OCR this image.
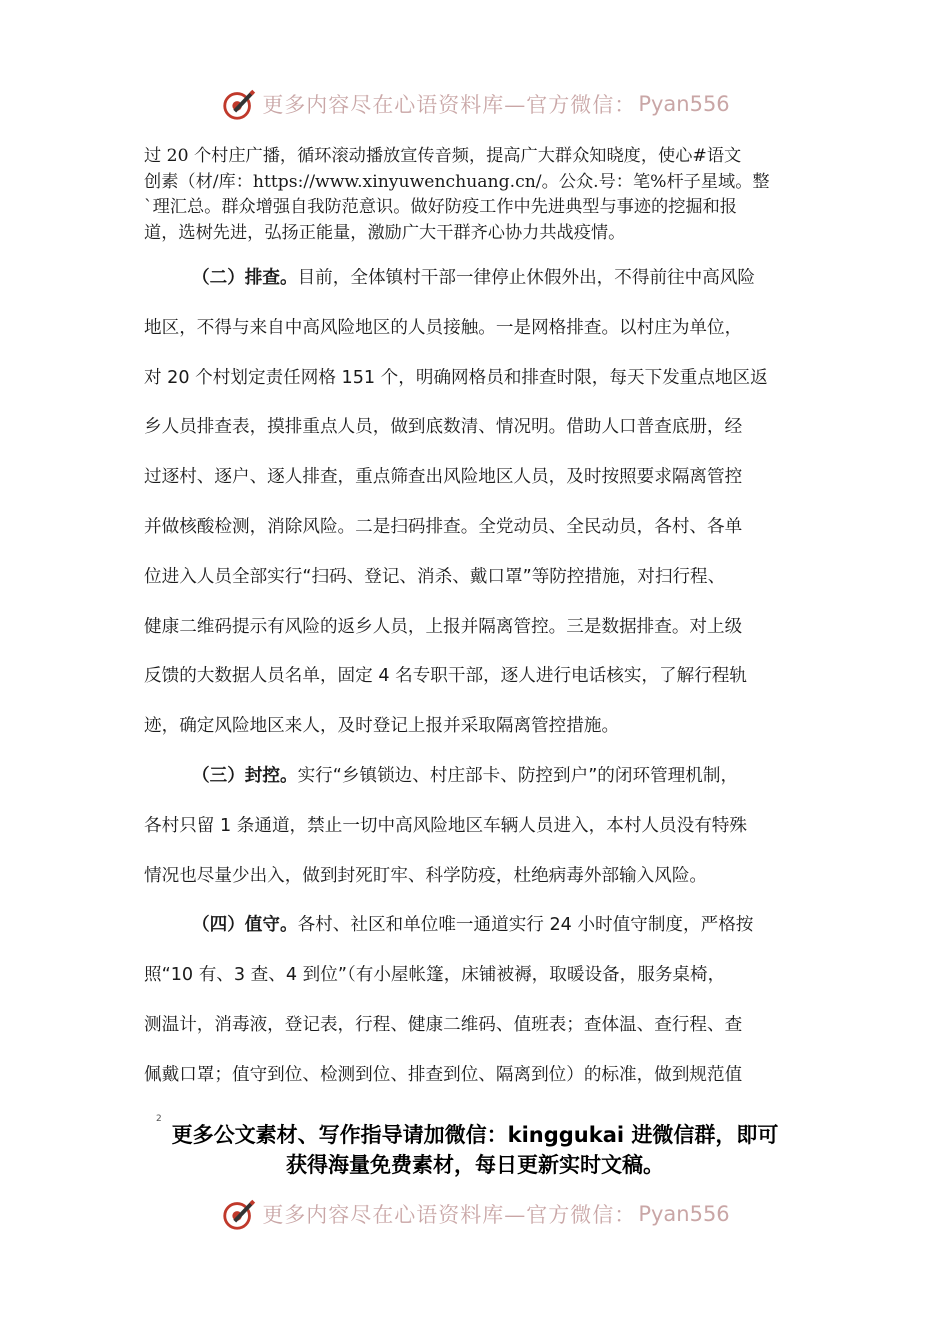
更多内容尽在心语资料库—官方微信： Pyan556
过 20 个村庄广播，循环滚动播放宣传音频，提高广大群众知晓度，使心#语文
创素（材/库：https://www.xinyuwenchuang.cn/。公众.号：笔%杆子星域。整
`理汇总。群众增强自我防范意识。做好防疫工作中先进典型与事迹的挖掘和报
道，选树先进，弘扬正能量，激励广大干群齐心协力共战疫情。
（二）排查。目前，全体镇村干部一律停止休假外出，不得前往中高风险
地区，不得与来自中高风险地区的人员接触。一是网格排查。以村庄为单位，
对 20 个村划定责任网格 151 个，明确网格员和排查时限，每天下发重点地区返
乡人员排查表，摸排重点人员，做到底数清、情况明。借助人口普查底册，经
过逐村、逐户、逐人排查，重点筛查出风险地区人员，及时按照要求隔离管控
并做核酸检测，消除风险。二是扫码排查。全党动员、全民动员，各村、各单
位进入人员全部实行“扫码、登记、消杀、戴口罩”等防控措施，对扫行程、
健康二维码提示有风险的返乡人员，上报并隔离管控。三是数据排查。对上级
反馈的大数据人员名单，固定 4 名专职干部，逐人进行电话核实，了解行程轨
迹，确定风险地区来人，及时登记上报并采取隔离管控措施。
（三）封控。实行“乡镇锁边、村庄部卡、防控到户”的闭环管理机制，
各村只留 1 条通道，禁止一切中高风险地区车辆人员进入，本村人员没有特殊
情况也尽量少出入，做到封死盯牢、科学防疫，杜绝病毒外部输入风险。
（四）值守。各村、社区和单位唯一通道实行 24 小时值守制度，严格按
照“10 有、3 查、4 到位”（有小屋帐篷，床铺被褥，取暖设备，服务桌椅，
测温计，消毒液，登记表，行程、健康二维码、值班表；查体温、查行程、查
佩戴口罩；值守到位、检测到位、排查到位、隔离到位）的标准，做到规范值
2
更多公文素材、写作指导请加微信：kinggukai 进微信群，即可
获得海量免费素材，每日更新实时文稿。
更多内容尽在心语资料库—官方微信： Pyan556
